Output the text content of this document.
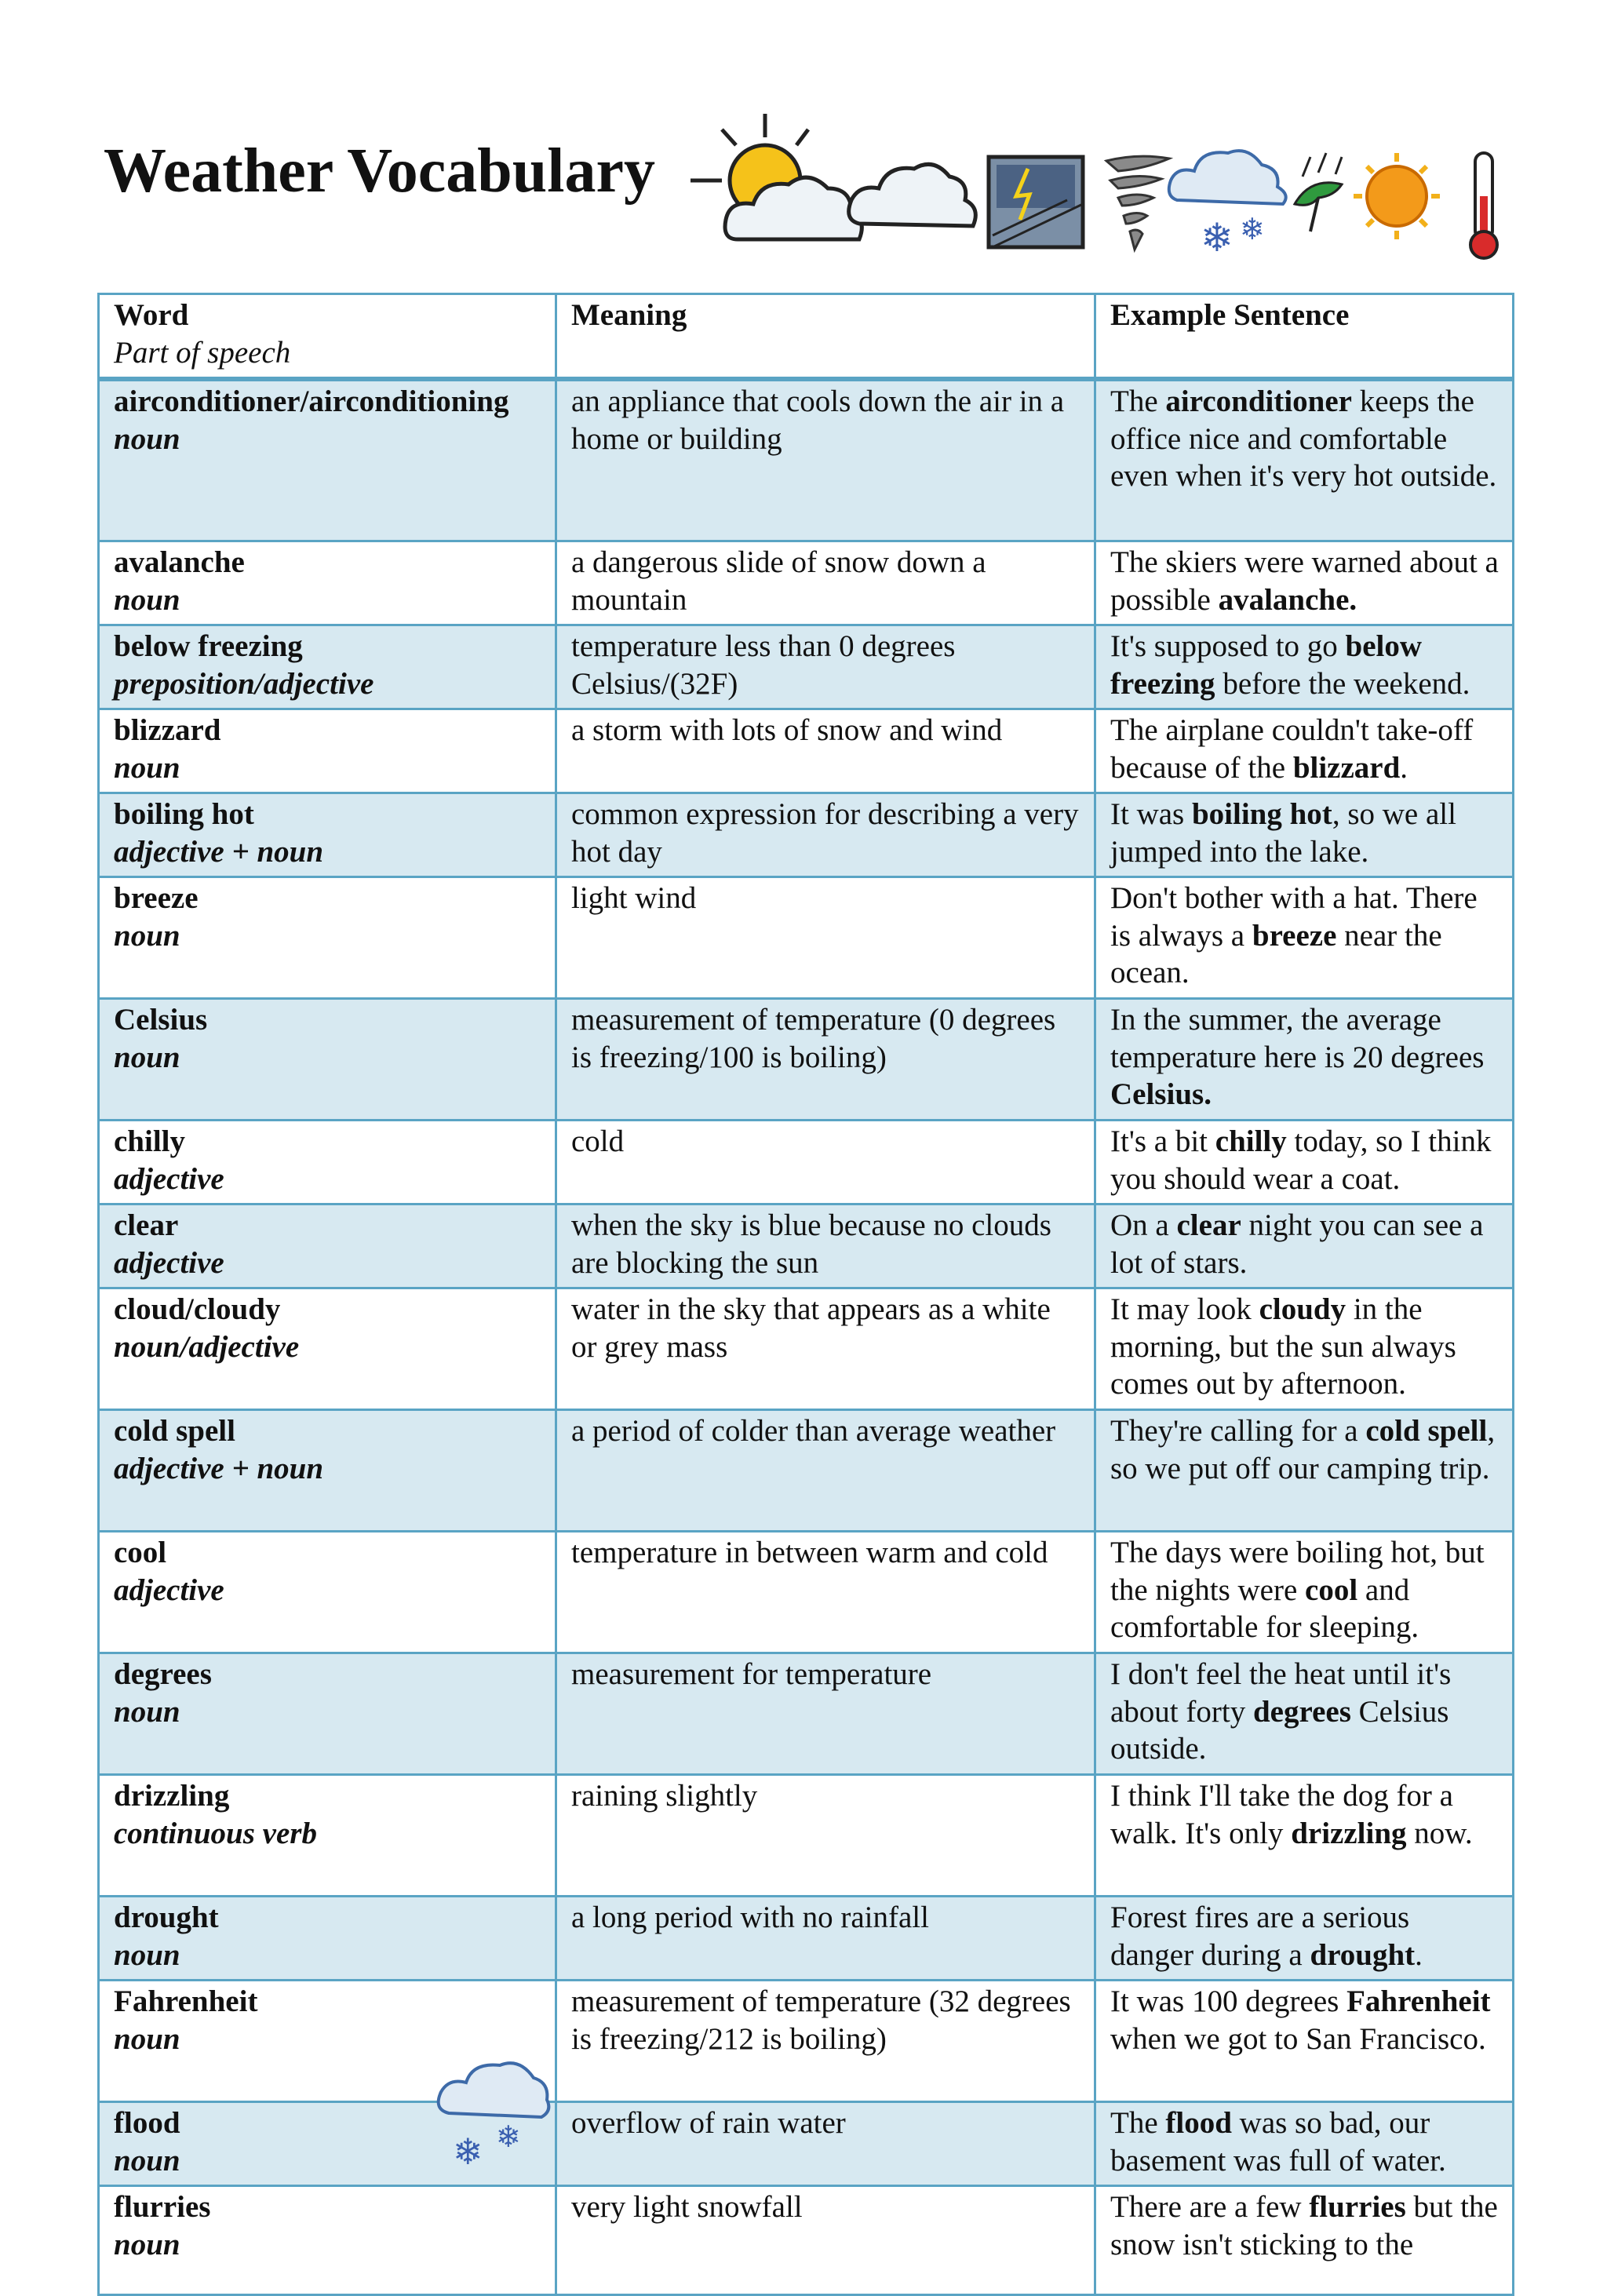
Weather Vocabulary
❄ ❄
Word
Part of speech	Meaning	Example Sentence

airconditioner/airconditioning
noun	an appliance that cools down the air in a home or building	The airconditioner keeps the office nice and comfortable even when it's very hot outside.

avalanche
noun	a dangerous slide of snow down a mountain	The skiers were warned about a possible avalanche.

below freezing
preposition/adjective	temperature less than 0 degrees Celsius/(32F)	It's supposed to go below freezing before the weekend.

blizzard
noun	a storm with lots of snow and wind	The airplane couldn't take-off because of the blizzard.

boiling hot
adjective + noun	common expression for describing a very hot day	It was boiling hot, so we all jumped into the lake.

breeze
noun	light wind	Don't bother with a hat. There is always a breeze near the ocean.

Celsius
noun	measurement of temperature (0 degrees is freezing/100 is boiling)	In the summer, the average temperature here is 20 degrees Celsius.

chilly
adjective	cold	It's a bit chilly today, so I think you should wear a coat.

clear
adjective	when the sky is blue because no clouds are blocking the sun	On a clear night you can see a lot of stars.

cloud/cloudy
noun/adjective	water in the sky that appears as a white or grey mass	It may look cloudy in the morning, but the sun always comes out by afternoon.

cold spell
adjective + noun	a period of colder than average weather	They're calling for a cold spell, so we put off our camping trip.

cool
adjective	temperature in between warm and cold	The days were boiling hot, but the nights were cool and comfortable for sleeping.

degrees
noun	measurement for temperature	I don't feel the heat until it's about forty degrees Celsius outside.

drizzling
continuous verb	raining slightly	I think I'll take the dog for a walk. It's only drizzling now.

drought
noun	a long period with no rainfall	Forest fires are a serious danger during a drought.

Fahrenheit
noun	measurement of temperature (32 degrees is freezing/212 is boiling)	It was 100 degrees Fahrenheit when we got to San Francisco.

flood
noun	overflow of rain water	The flood was so bad, our basement was full of water.

flurries
noun	very light snowfall	There are a few flurries but the snow isn't sticking to the
❄ ❄
